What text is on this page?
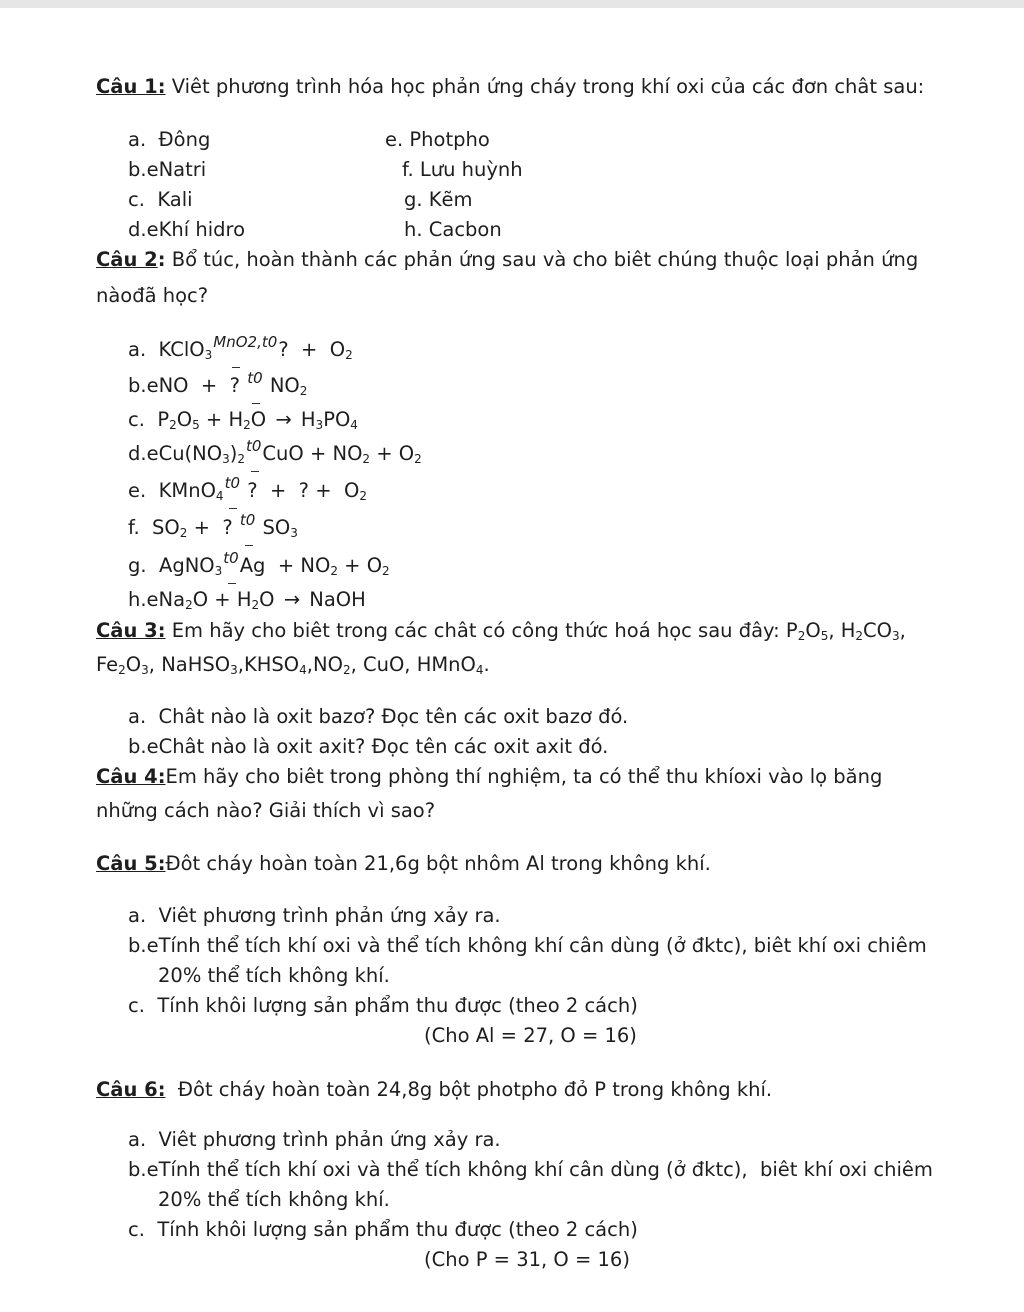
Câu 1: Viêt phương trình hóa học phản ứng cháy trong khí oxi của các đơn chât sau:
a.  Đông	e. Photpho
b.eNatri	f. Lưu huỳnh
c.  Kali	g. Kẽm
d.eKhí hidro	h. Cacbon
Câu 2: Bổ túc, hoàn thành các phản ứng sau và cho biêt chúng thuộc loại phản ứng
nàođã học?
a.  KClO$_3$MnO2,t0?  +  $O_2$
b.eNO  +  ? t0 $NO_2$
c.  $P_2O_5 + H_2O \to H_3PO_4$
$d.eCu(NO_3)_2t0CuO + NO_2 + O_2$
e.  KMnO$_4$t0 ?  +  ? +  $O_2$
f.  $SO_2$ +  ? t0 $SO_3$
g.  AgNO$_3$t0Ag  + $NO_2 + O_2$
$h.eNa_2O + H_2O$ → NaOH
Câu 3: Em hãy cho biêt trong các chât có công thức hoá học sau đây: $P_2O_5$, $H_2CO_3$,
$Fe_2O_3$, $NaHSO_3,KHSO_4,NO_2$, CuO, HMnO$_4$.
a.  Chât nào là oxit bazơ? Đọc tên các oxit bazơ đó.
b.eChât nào là oxit axit? Đọc tên các oxit axit đó.
Câu 4:Em hãy cho biêt trong phòng thí nghiệm, ta có thể thu khíoxi vào lọ băng
những cách nào? Giải thích vì sao?
Câu 5:Đôt cháy hoàn toàn 21,6g bột nhôm Al trong không khí.
a.  Viêt phương trình phản ứng xảy ra.
b.eTính thể tích khí oxi và thể tích không khí cân dùng (ở đktc), biêt khí oxi chiêm
20% thể tích không khí.
c.  Tính khôi lượng sản phẩm thu được (theo 2 cách)
(Cho Al = 27, O = 16)
Câu 6:  Đôt cháy hoàn toàn 24,8g bột photpho đỏ P trong không khí.
a.  Viêt phương trình phản ứng xảy ra.
b.eTính thể tích khí oxi và thể tích không khí cân dùng (ở đktc),  biêt khí oxi chiêm
20% thể tích không khí.
c.  Tính khôi lượng sản phẩm thu được (theo 2 cách)
(Cho P = 31, O = 16)
